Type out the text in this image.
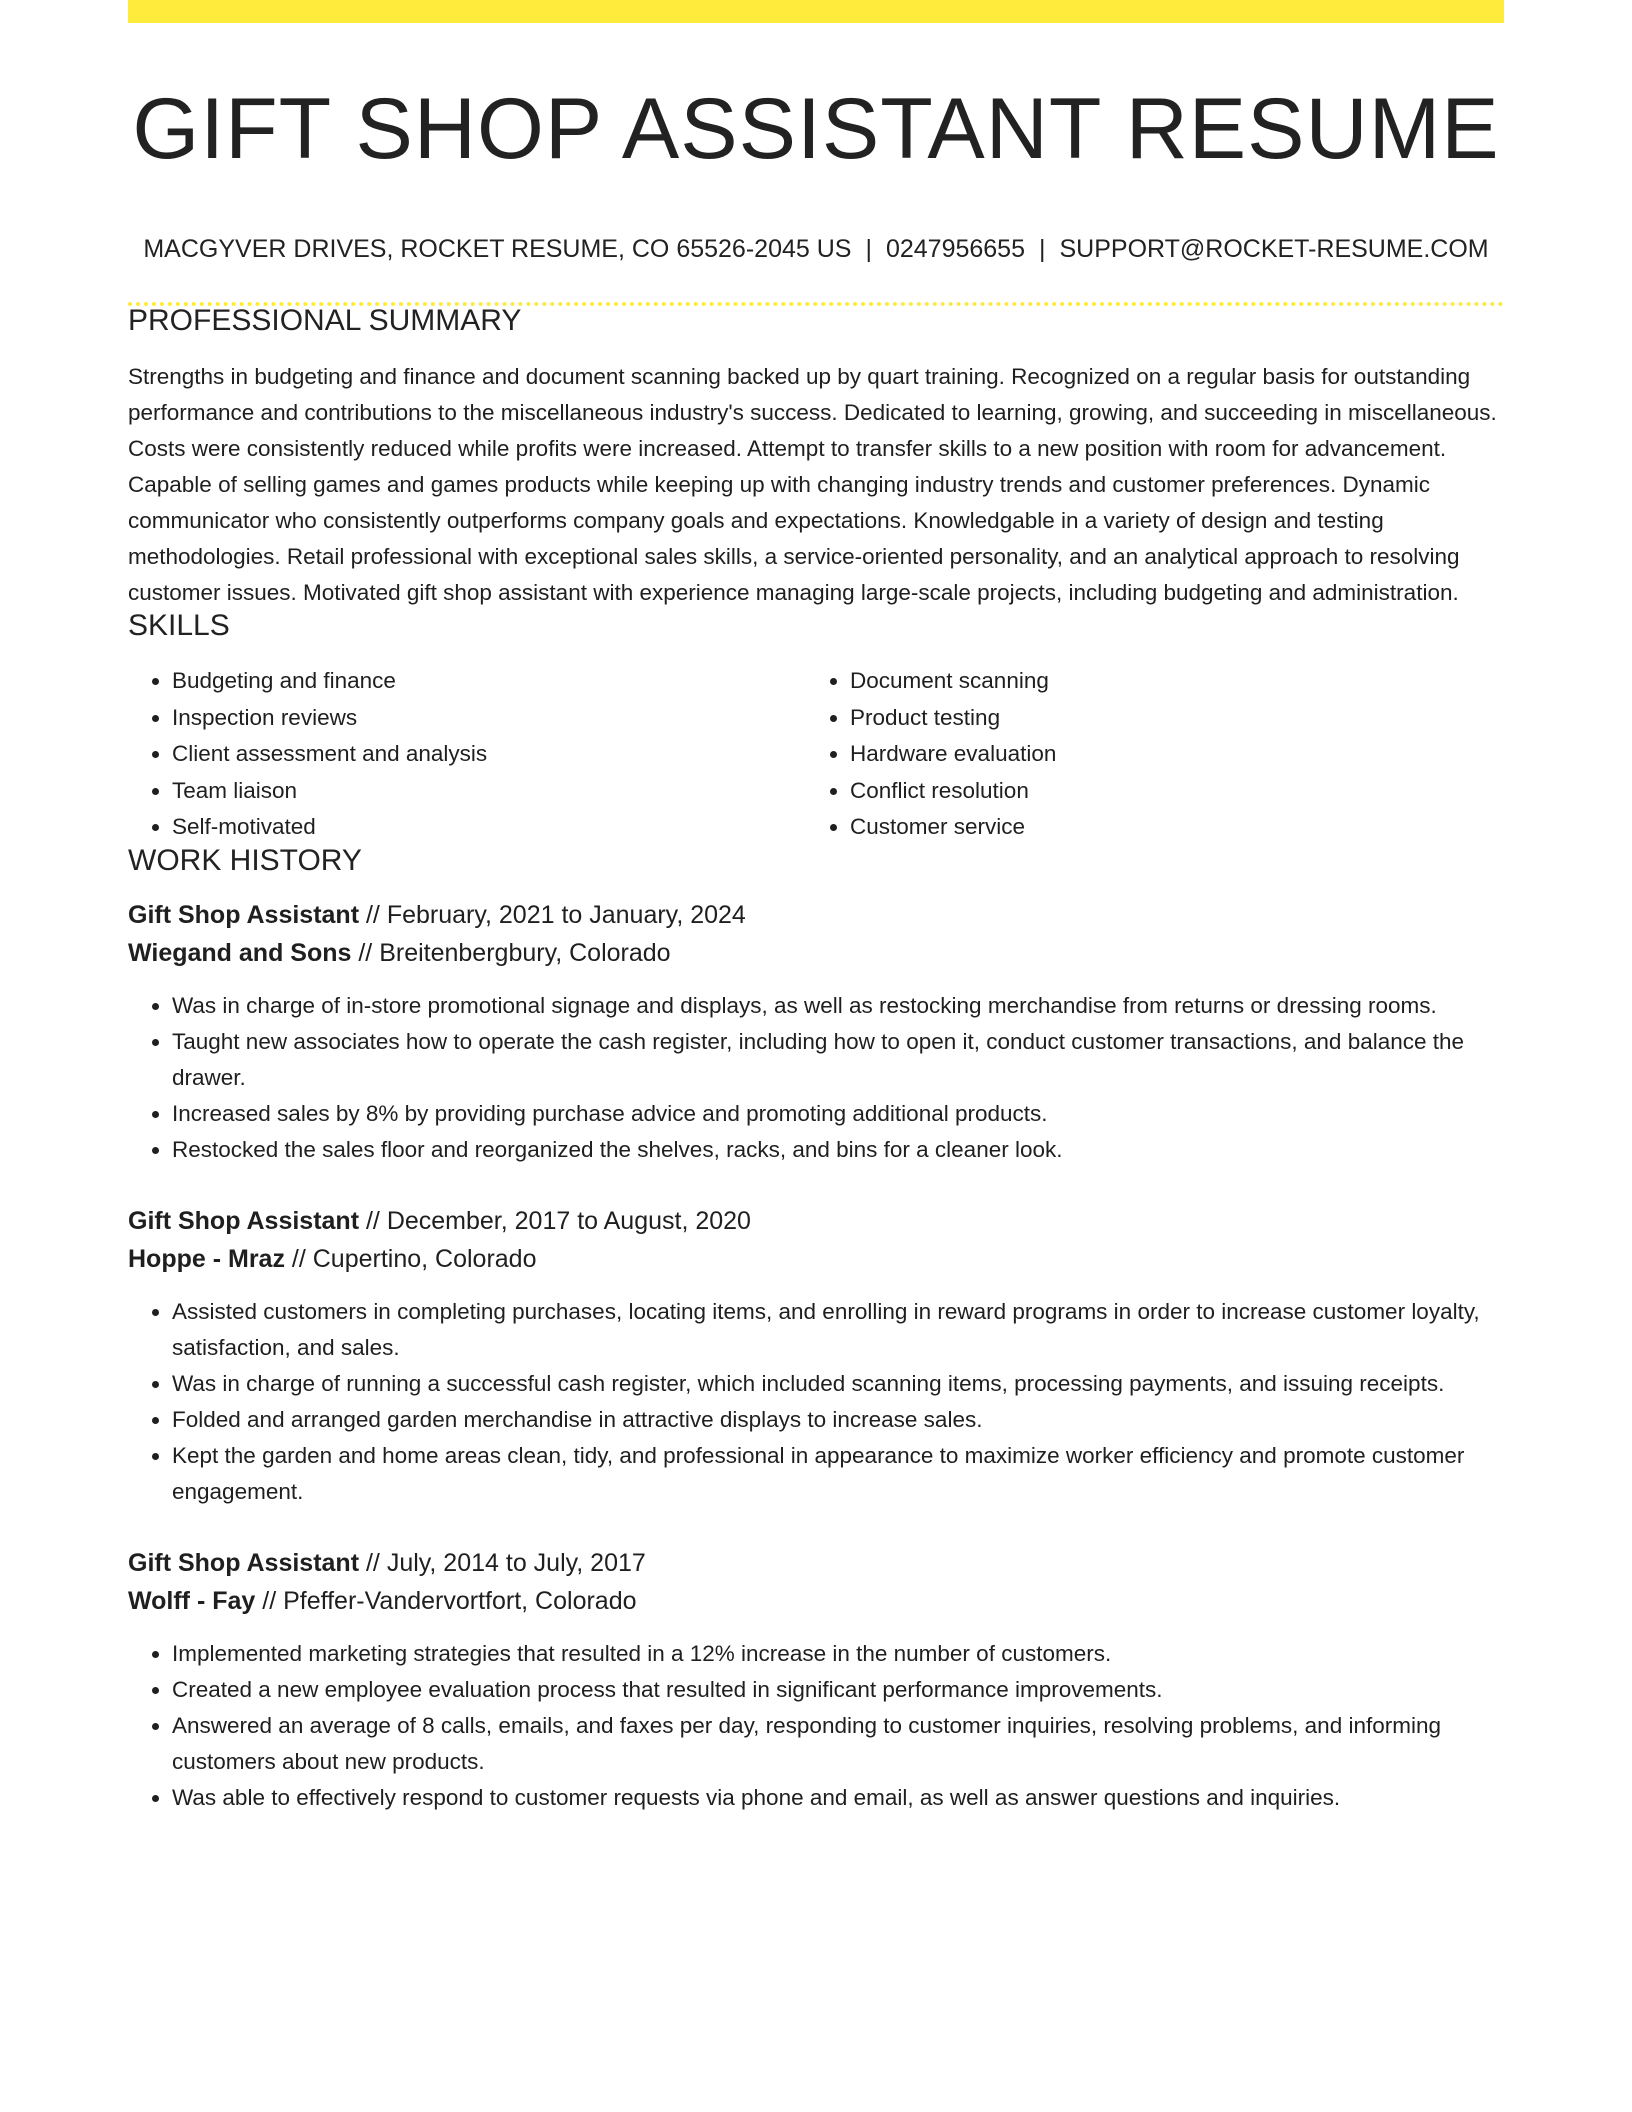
GIFT SHOP ASSISTANT RESUME
MACGYVER DRIVES, ROCKET RESUME, CO 65526-2045 US | 0247956655 | SUPPORT@ROCKET-RESUME.COM
PROFESSIONAL SUMMARY

Strengths in budgeting and finance and document scanning backed up by quart training. Recognized on a regular basis for outstanding performance and contributions to the miscellaneous industry's success. Dedicated to learning, growing, and succeeding in miscellaneous. Costs were consistently reduced while profits were increased. Attempt to transfer skills to a new position with room for advancement. Capable of selling games and games products while keeping up with changing industry trends and customer preferences. Dynamic communicator who consistently outperforms company goals and expectations. Knowledgable in a variety of design and testing methodologies. Retail professional with exceptional sales skills, a service-oriented personality, and an analytical approach to resolving customer issues. Motivated gift shop assistant with experience managing large-scale projects, including budgeting and administration.

SKILLS
• Budgeting and finance
• Inspection reviews
• Client assessment and analysis
• Team liaison
• Self-motivated
• Document scanning
• Product testing
• Hardware evaluation
• Conflict resolution
• Customer service
WORK HISTORY
Gift Shop Assistant // February, 2021 to January, 2024
Wiegand and Sons // Breitenbergbury, Colorado
• Was in charge of in-store promotional signage and displays, as well as restocking merchandise from returns or dressing rooms.
• Taught new associates how to operate the cash register, including how to open it, conduct customer transactions, and balance the drawer.
• Increased sales by 8% by providing purchase advice and promoting additional products.
• Restocked the sales floor and reorganized the shelves, racks, and bins for a cleaner look.
Gift Shop Assistant // December, 2017 to August, 2020
Hoppe - Mraz // Cupertino, Colorado
• Assisted customers in completing purchases, locating items, and enrolling in reward programs in order to increase customer loyalty, satisfaction, and sales.
• Was in charge of running a successful cash register, which included scanning items, processing payments, and issuing receipts.
• Folded and arranged garden merchandise in attractive displays to increase sales.
• Kept the garden and home areas clean, tidy, and professional in appearance to maximize worker efficiency and promote customer engagement.
Gift Shop Assistant // July, 2014 to July, 2017
Wolff - Fay // Pfeffer-Vandervortfort, Colorado
• Implemented marketing strategies that resulted in a 12% increase in the number of customers.
• Created a new employee evaluation process that resulted in significant performance improvements.
• Answered an average of 8 calls, emails, and faxes per day, responding to customer inquiries, resolving problems, and informing customers about new products.
• Was able to effectively respond to customer requests via phone and email, as well as answer questions and inquiries.
